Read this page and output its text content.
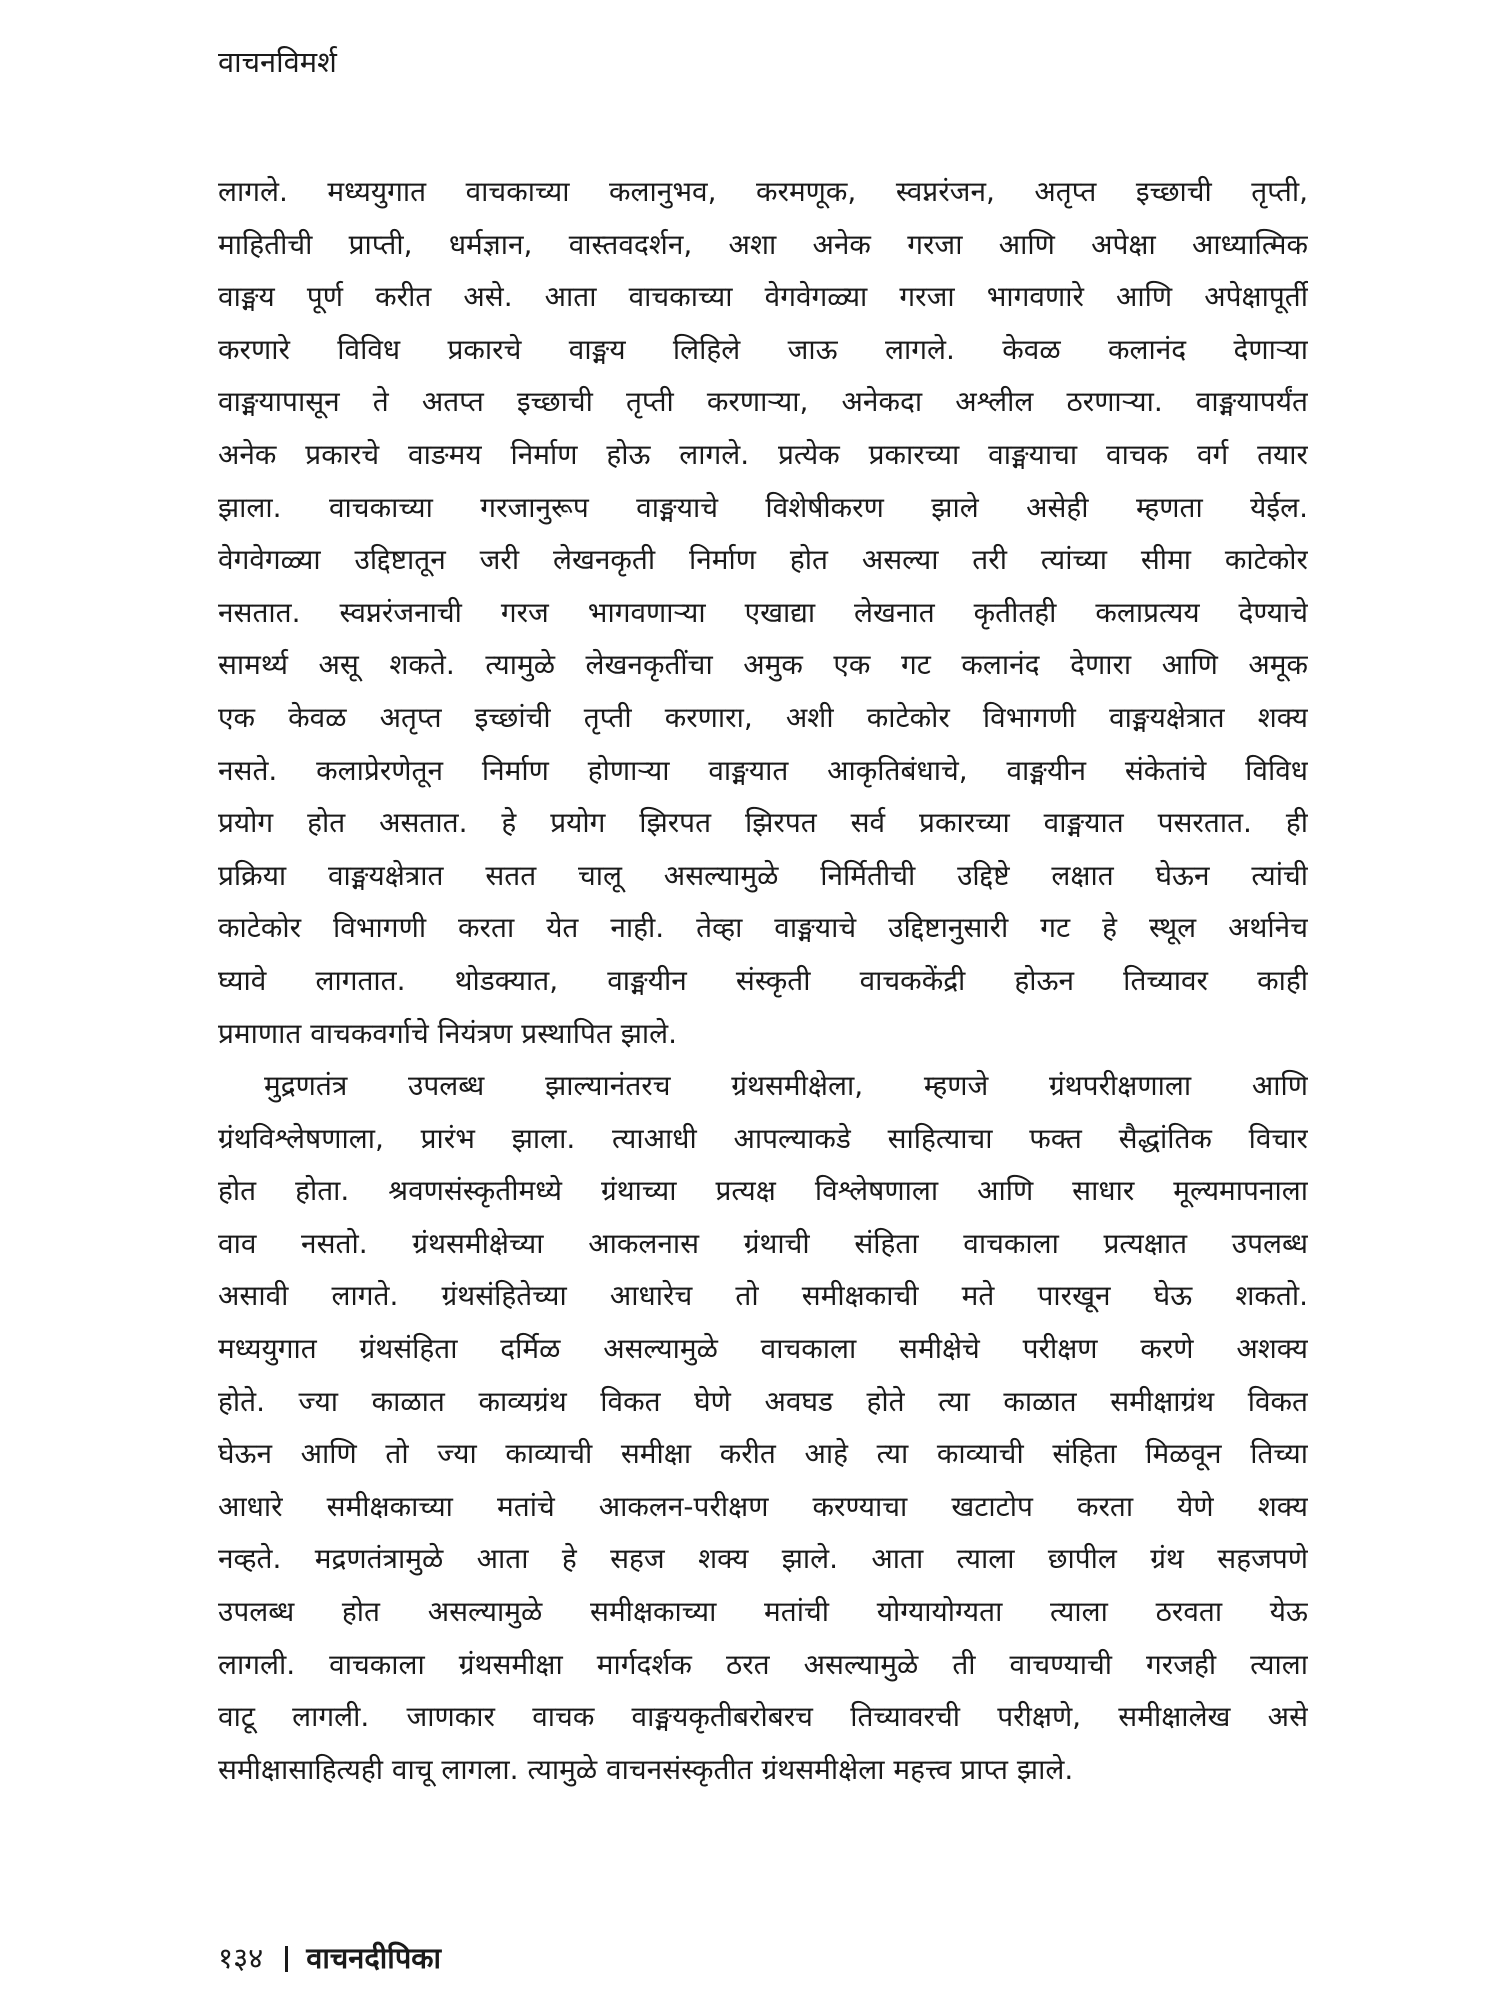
वाचनविमर्श
लागले. मध्ययुगात वाचकाच्या कलानुभव, करमणूक, स्वप्नरंजन, अतृप्त इच्छाची तृप्ती,
माहितीची प्राप्ती, धर्मज्ञान, वास्तवदर्शन, अशा अनेक गरजा आणि अपेक्षा आध्यात्मिक
वाङ्मय पूर्ण करीत असे. आता वाचकाच्या वेगवेगळ्या गरजा भागवणारे आणि अपेक्षापूर्ती
करणारे विविध प्रकारचे वाङ्मय लिहिले जाऊ लागले. केवळ कलानंद देणाऱ्या
वाङ्मयापासून ते अतप्त इच्छाची तृप्ती करणाऱ्या, अनेकदा अश्लील ठरणाऱ्या. वाङ्मयापर्यंत
अनेक प्रकारचे वाङमय निर्माण होऊ लागले. प्रत्येक प्रकारच्या वाङ्मयाचा वाचक वर्ग तयार
झाला. वाचकाच्या गरजानुरूप वाङ्मयाचे विशेषीकरण झाले असेही म्हणता येईल.
वेगवेगळ्या उद्दिष्टातून जरी लेखनकृती निर्माण होत असल्या तरी त्यांच्या सीमा काटेकोर
नसतात. स्वप्नरंजनाची गरज भागवणाऱ्या एखाद्या लेखनात कृतीतही कलाप्रत्यय देण्याचे
सामर्थ्य असू शकते. त्यामुळे लेखनकृतींचा अमुक एक गट कलानंद देणारा आणि अमूक
एक केवळ अतृप्त इच्छांची तृप्ती करणारा, अशी काटेकोर विभागणी वाङ्मयक्षेत्रात शक्य
नसते. कलाप्रेरणेतून निर्माण होणाऱ्या वाङ्मयात आकृतिबंधाचे, वाङ्मयीन संकेतांचे विविध
प्रयोग होत असतात. हे प्रयोग झिरपत झिरपत सर्व प्रकारच्या वाङ्मयात पसरतात. ही
प्रक्रिया वाङ्मयक्षेत्रात सतत चालू असल्यामुळे निर्मितीची उद्दिष्टे लक्षात घेऊन त्यांची
काटेकोर विभागणी करता येत नाही. तेव्हा वाङ्मयाचे उद्दिष्टानुसारी गट हे स्थूल अर्थानेच
घ्यावे लागतात. थोडक्यात, वाङ्मयीन संस्कृती वाचककेंद्री होऊन तिच्यावर काही
प्रमाणात वाचकवर्गाचे नियंत्रण प्रस्थापित झाले.
मुद्रणतंत्र उपलब्ध झाल्यानंतरच ग्रंथसमीक्षेला, म्हणजे ग्रंथपरीक्षणाला आणि
ग्रंथविश्लेषणाला, प्रारंभ झाला. त्याआधी आपल्याकडे साहित्याचा फक्त सैद्धांतिक विचार
होत होता. श्रवणसंस्कृतीमध्ये ग्रंथाच्या प्रत्यक्ष विश्लेषणाला आणि साधार मूल्यमापनाला
वाव नसतो. ग्रंथसमीक्षेच्या आकलनास ग्रंथाची संहिता वाचकाला प्रत्यक्षात उपलब्ध
असावी लागते. ग्रंथसंहितेच्या आधारेच तो समीक्षकाची मते पारखून घेऊ शकतो.
मध्ययुगात ग्रंथसंहिता दर्मिळ असल्यामुळे वाचकाला समीक्षेचे परीक्षण करणे अशक्य
होते. ज्या काळात काव्यग्रंथ विकत घेणे अवघड होते त्या काळात समीक्षाग्रंथ विकत
घेऊन आणि तो ज्या काव्याची समीक्षा करीत आहे त्या काव्याची संहिता मिळवून तिच्या
आधारे समीक्षकाच्या मतांचे आकलन-परीक्षण करण्याचा खटाटोप करता येणे शक्य
नव्हते. मद्रणतंत्रामुळे आता हे सहज शक्य झाले. आता त्याला छापील ग्रंथ सहजपणे
उपलब्ध होत असल्यामुळे समीक्षकाच्या मतांची योग्यायोग्यता त्याला ठरवता येऊ
लागली. वाचकाला ग्रंथसमीक्षा मार्गदर्शक ठरत असल्यामुळे ती वाचण्याची गरजही त्याला
वाटू लागली. जाणकार वाचक वाङ्मयकृतीबरोबरच तिच्यावरची परीक्षणे, समीक्षालेख असे
समीक्षासाहित्यही वाचू लागला. त्यामुळे वाचनसंस्कृतीत ग्रंथसमीक्षेला महत्त्व प्राप्त झाले.
१३४ वाचनदीपिका
